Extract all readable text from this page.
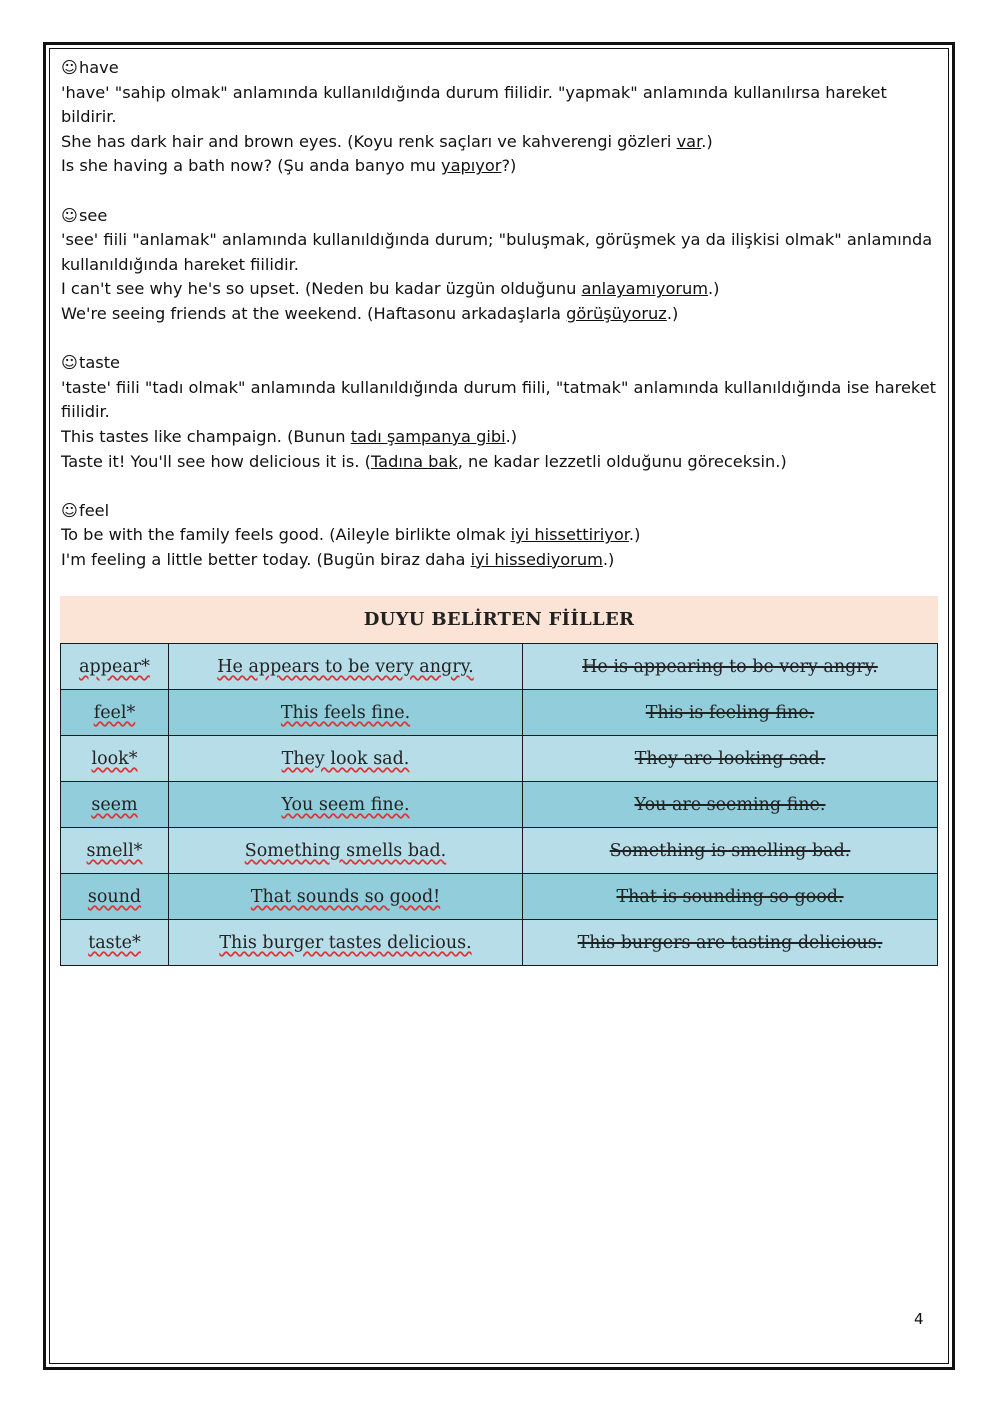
☺have
'have' "sahip olmak" anlamında kullanıldığında durum fiilidir. "yapmak" anlamında kullanılırsa hareket bildirir.
She has dark hair and brown eyes. (Koyu renk saçları ve kahverengi gözleri var.)
Is she having a bath now? (Şu anda banyo mu yapıyor?)
☺see
'see' fiili "anlamak" anlamında kullanıldığında durum; "buluşmak, görüşmek ya da ilişkisi olmak" anlamında kullanıldığında hareket fiilidir.
I can't see why he's so upset. (Neden bu kadar üzgün olduğunu anlayamıyorum.)
We're seeing friends at the weekend. (Haftasonu arkadaşlarla görüşüyoruz.)
☺taste
'taste' fiili "tadı olmak" anlamında kullanıldığında durum fiili, "tatmak" anlamında kullanıldığında ise hareket fiilidir.
This tastes like champaign. (Bunun tadı şampanya gibi.)
Taste it! You'll see how delicious it is. (Tadına bak, ne kadar lezzetli olduğunu göreceksin.)
☺feel
To be with the family feels good. (Aileyle birlikte olmak iyi hissettiriyor.)
I'm feeling a little better today. (Bugün biraz daha iyi hissediyorum.)
DUYU BELİRTEN FİİLLER
appear*	He appears to be very angry.	He is appearing to be very angry.
feel*	This feels fine.	This is feeling fine.
look*	They look sad.	They are looking sad.
seem	You seem fine.	You are seeming fine.
smell*	Something smells bad.	Something is smelling bad.
sound	That sounds so good!	That is sounding so good.
taste*	This burger tastes delicious.	This burgers are tasting delicious.
4
